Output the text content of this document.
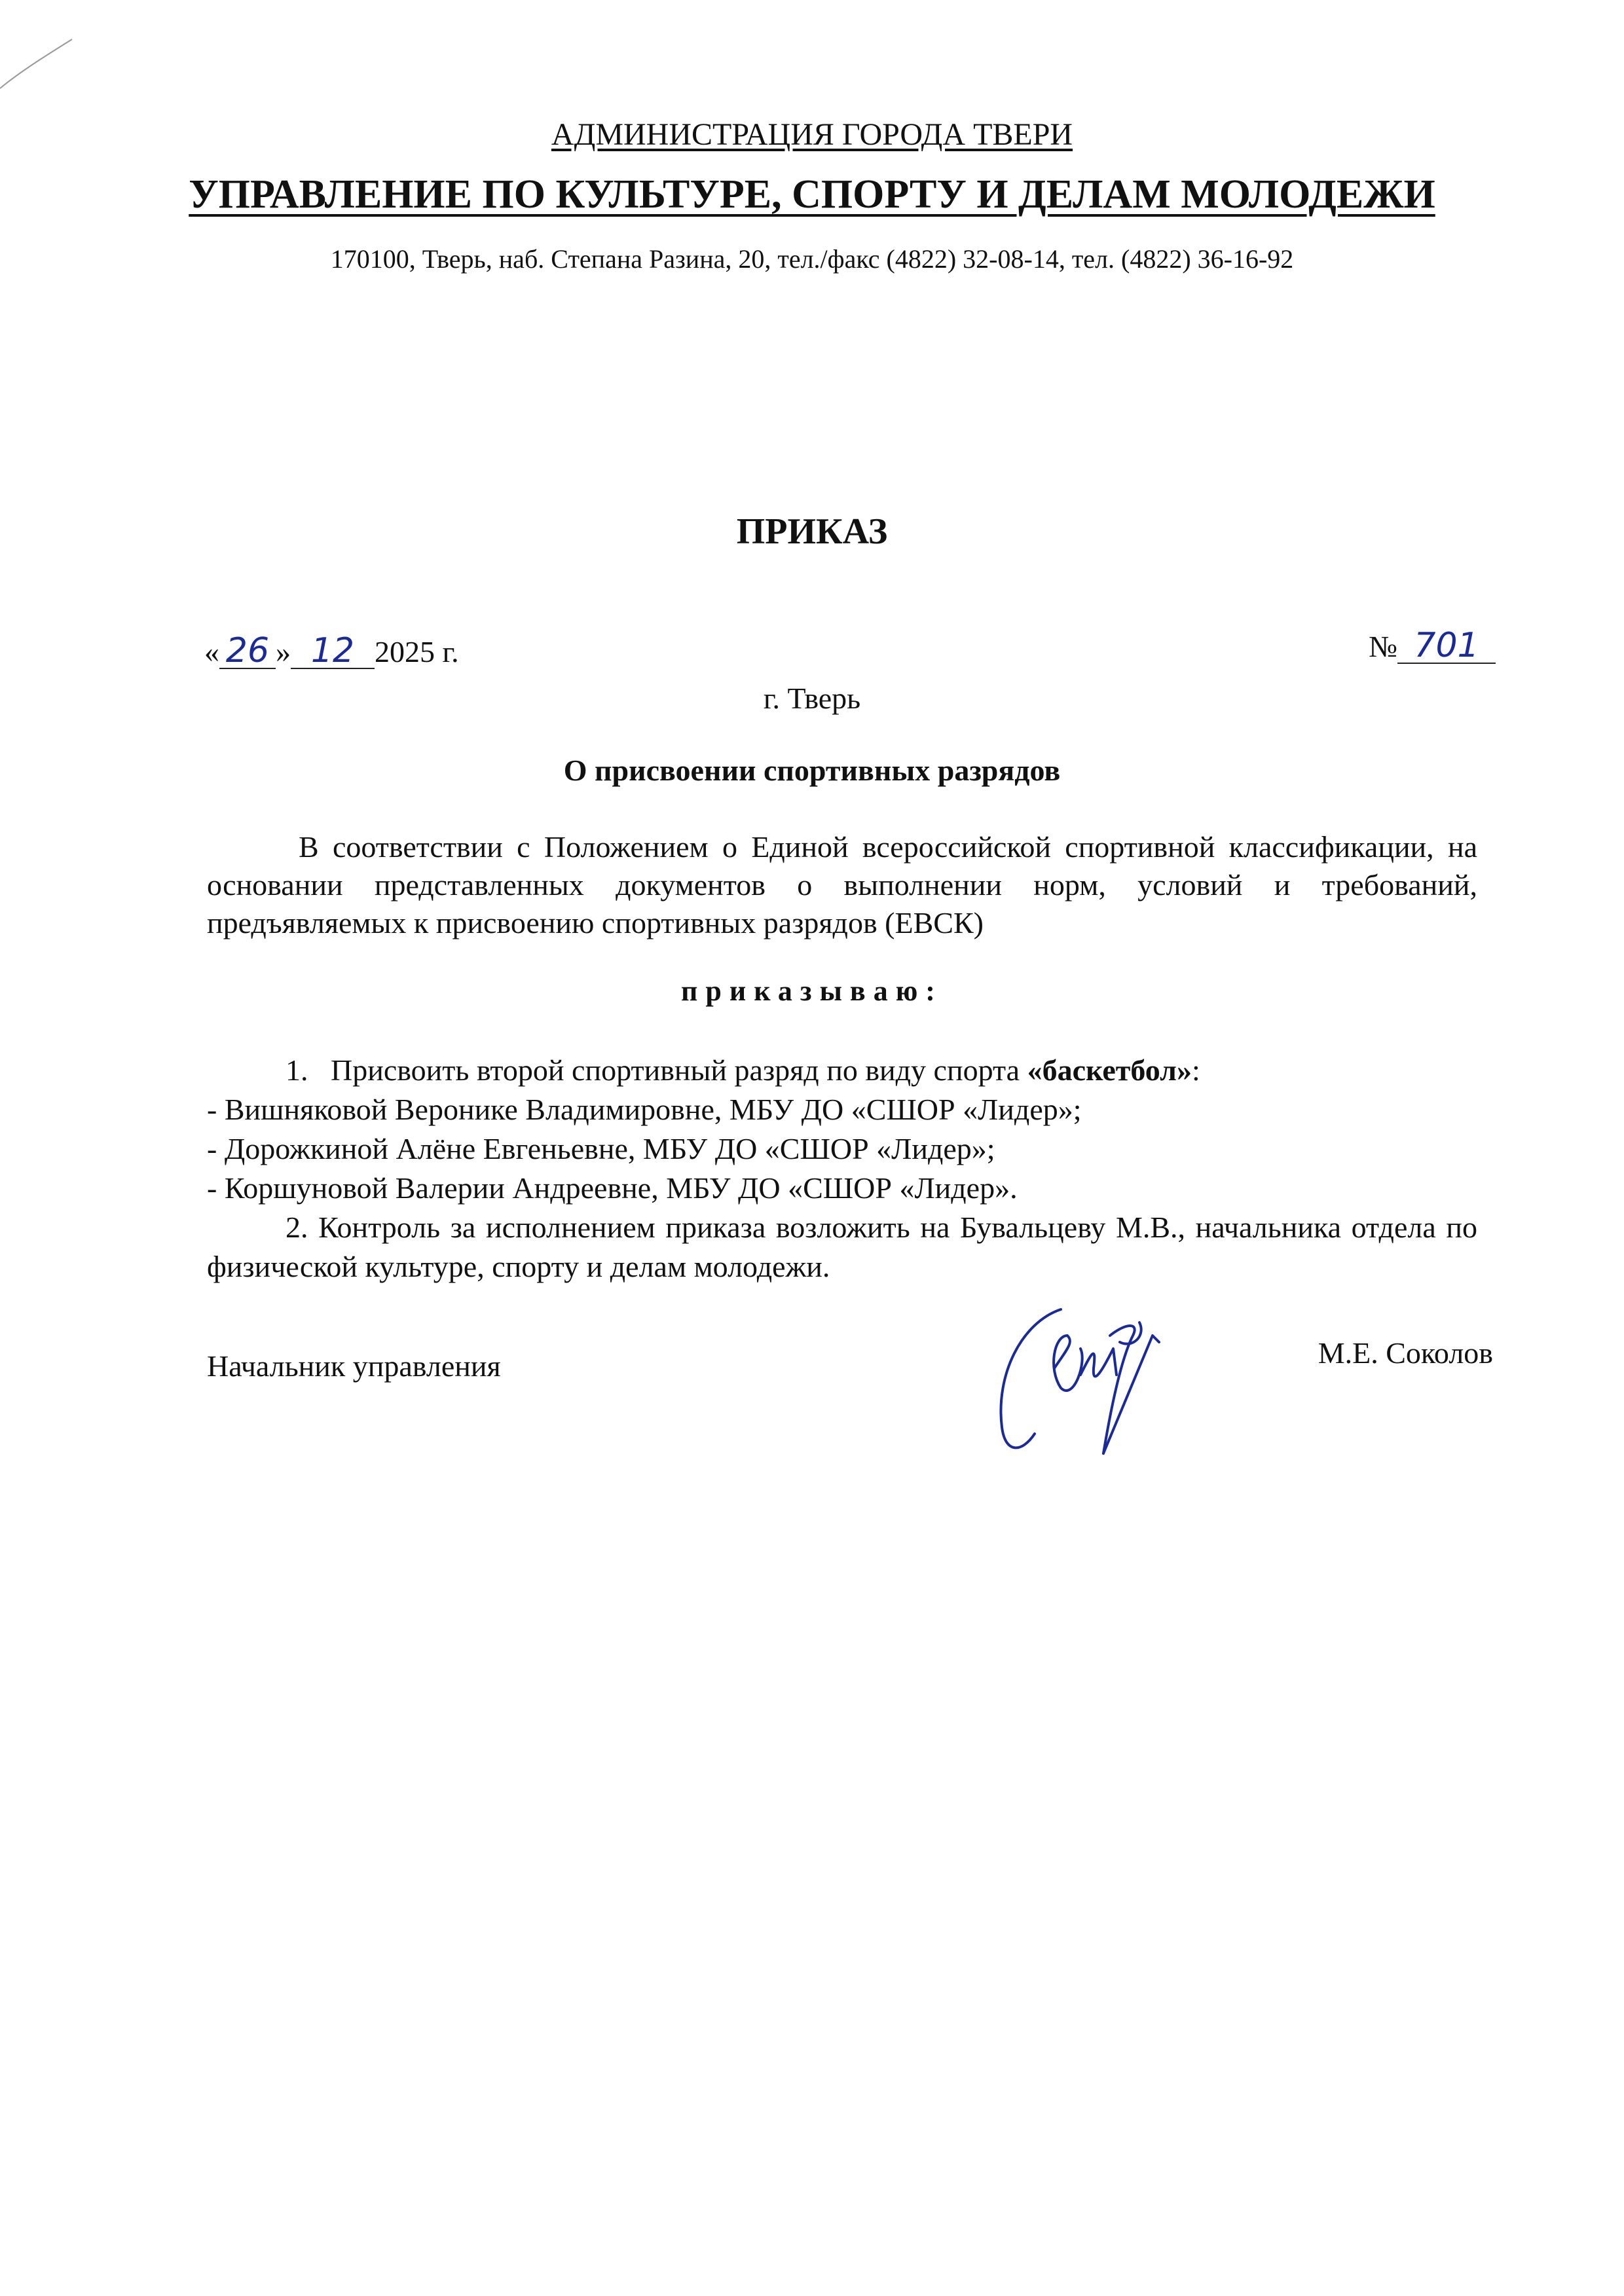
АДМИНИСТРАЦИЯ ГОРОДА ТВЕРИ
УПРАВЛЕНИЕ ПО КУЛЬТУРЕ, СПОРТУ И ДЕЛАМ МОЛОДЕЖИ
170100, Тверь, наб. Степана Разина, 20, тел./факс (4822) 32-08-14, тел. (4822) 36-16-92
ПРИКАЗ
« 26 » 12 2025 г.	№ 701
г. Тверь
О присвоении спортивных разрядов
В соответствии с Положением о Единой всероссийской спортивной классификации, на основании представленных документов о выполнении норм, условий и требований, предъявляемых к присвоению спортивных разрядов (ЕВСК)
приказываю:
1.   Присвоить второй спортивный разряд по виду спорта «баскетбол»:
- Вишняковой Веронике Владимировне, МБУ ДО «СШОР «Лидер»;
- Дорожкиной Алёне Евгеньевне, МБУ ДО «СШОР «Лидер»;
- Коршуновой Валерии Андреевне, МБУ ДО «СШОР «Лидер».
2. Контроль за исполнением приказа возложить на Бувальцеву М.В., начальника отдела по физической культуре, спорту и делам молодежи.
Начальник управления	М.Е. Соколов
